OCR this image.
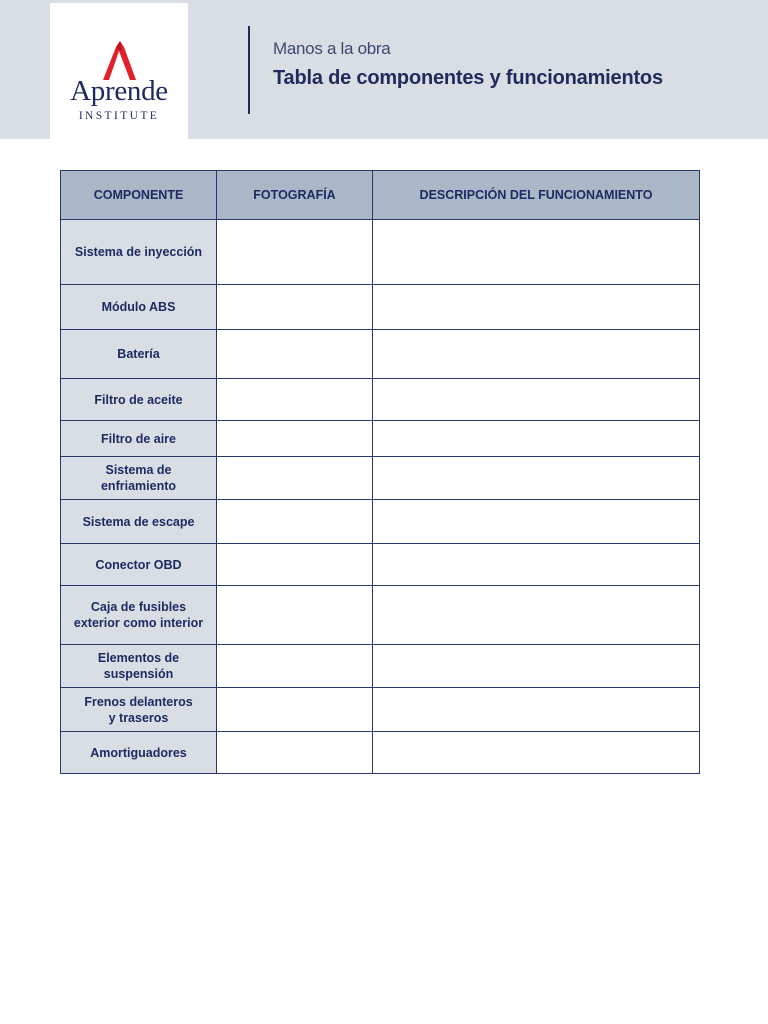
Aprende
INSTITUTE
Manos a la obra
Tabla de componentes y funcionamientos
COMPONENTE	FOTOGRAFÍA	DESCRIPCIÓN DEL FUNCIONAMIENTO
Sistema de inyección		
Módulo ABS		
Batería		
Filtro de aceite		
Filtro de aire		
Sistema de
enfriamiento		
Sistema de escape		
Conector OBD		
Caja de fusibles
exterior como interior		
Elementos de
suspensión		
Frenos delanteros
y traseros		
Amortiguadores		
